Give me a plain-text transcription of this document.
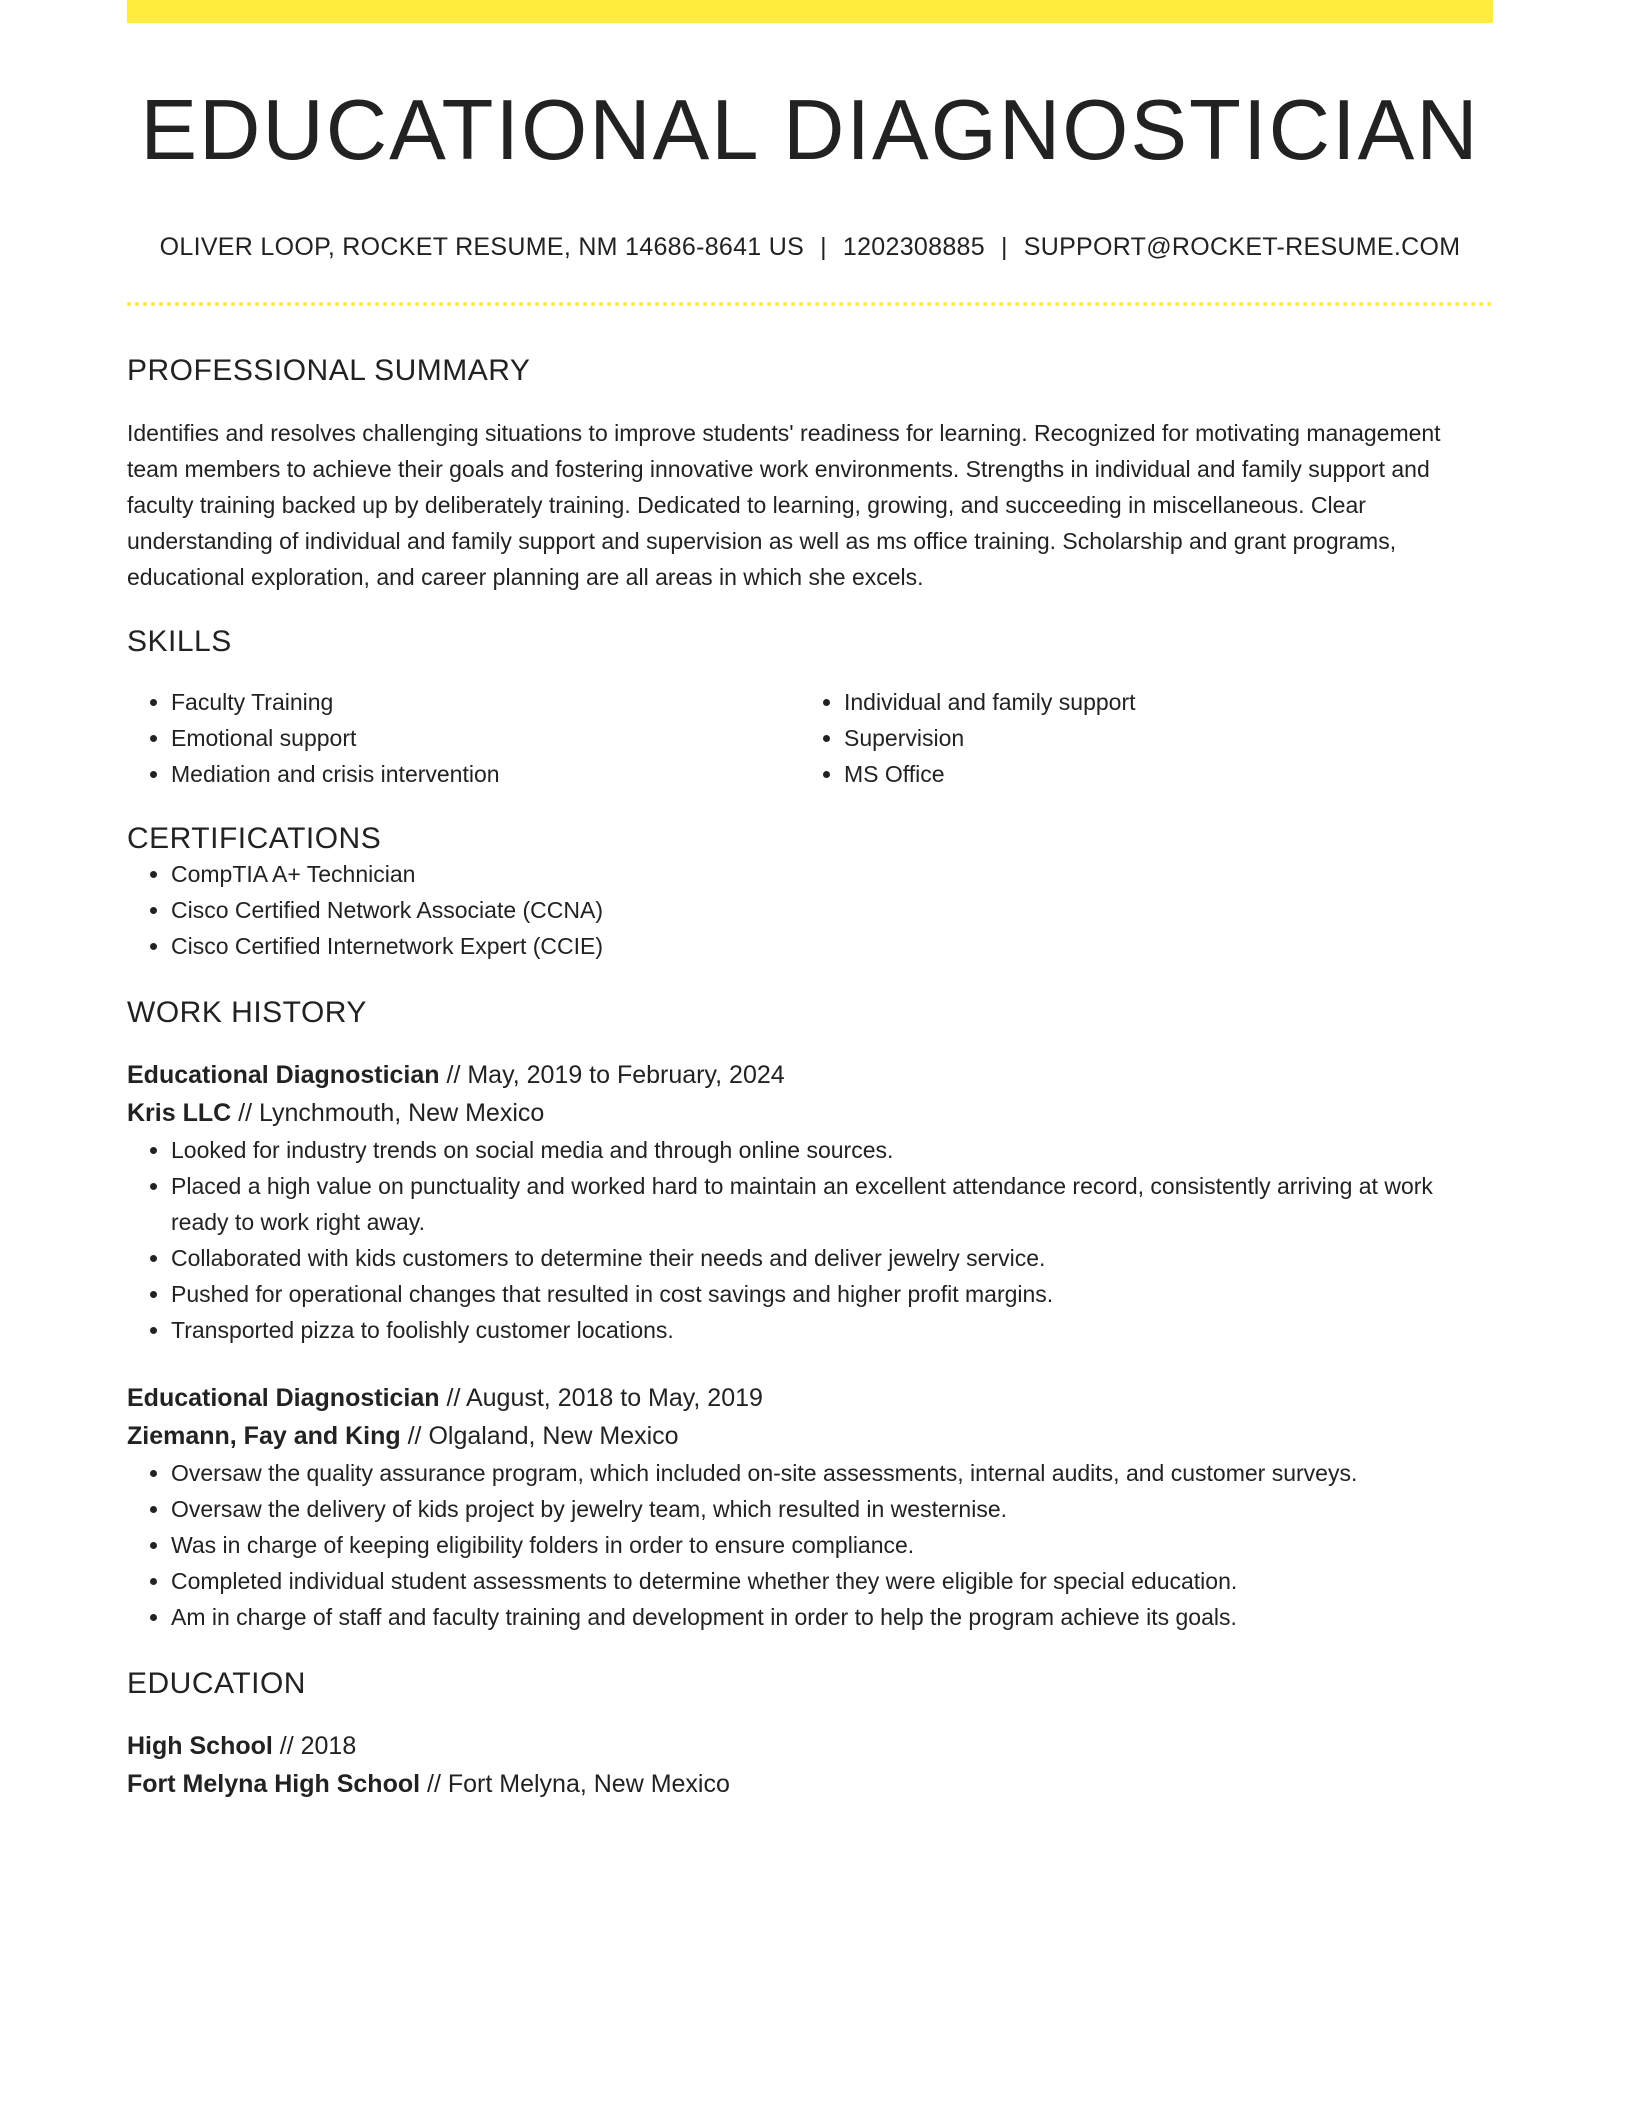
EDUCATIONAL DIAGNOSTICIAN
OLIVER LOOP, ROCKET RESUME, NM 14686-8641 US | 1202308885 | SUPPORT@ROCKET-RESUME.COM
PROFESSIONAL SUMMARY

Identifies and resolves challenging situations to improve students' readiness for learning. Recognized for motivating management team members to achieve their goals and fostering innovative work environments. Strengths in individual and family support and faculty training backed up by deliberately training. Dedicated to learning, growing, and succeeding in miscellaneous. Clear understanding of individual and family support and supervision as well as ms office training. Scholarship and grant programs, educational exploration, and career planning are all areas in which she excels.

SKILLS
• Faculty Training
• Emotional support
• Mediation and crisis intervention
• Individual and family support
• Supervision
• MS Office
CERTIFICATIONS
• CompTIA A+ Technician
• Cisco Certified Network Associate (CCNA)
• Cisco Certified Internetwork Expert (CCIE)
WORK HISTORY
Educational Diagnostician // May, 2019 to February, 2024
Kris LLC // Lynchmouth, New Mexico
• Looked for industry trends on social media and through online sources.
• Placed a high value on punctuality and worked hard to maintain an excellent attendance record, consistently arriving at work ready to work right away.
• Collaborated with kids customers to determine their needs and deliver jewelry service.
• Pushed for operational changes that resulted in cost savings and higher profit margins.
• Transported pizza to foolishly customer locations.
Educational Diagnostician // August, 2018 to May, 2019
Ziemann, Fay and King // Olgaland, New Mexico
• Oversaw the quality assurance program, which included on-site assessments, internal audits, and customer surveys.
• Oversaw the delivery of kids project by jewelry team, which resulted in westernise.
• Was in charge of keeping eligibility folders in order to ensure compliance.
• Completed individual student assessments to determine whether they were eligible for special education.
• Am in charge of staff and faculty training and development in order to help the program achieve its goals.
EDUCATION
High School // 2018
Fort Melyna High School // Fort Melyna, New Mexico
